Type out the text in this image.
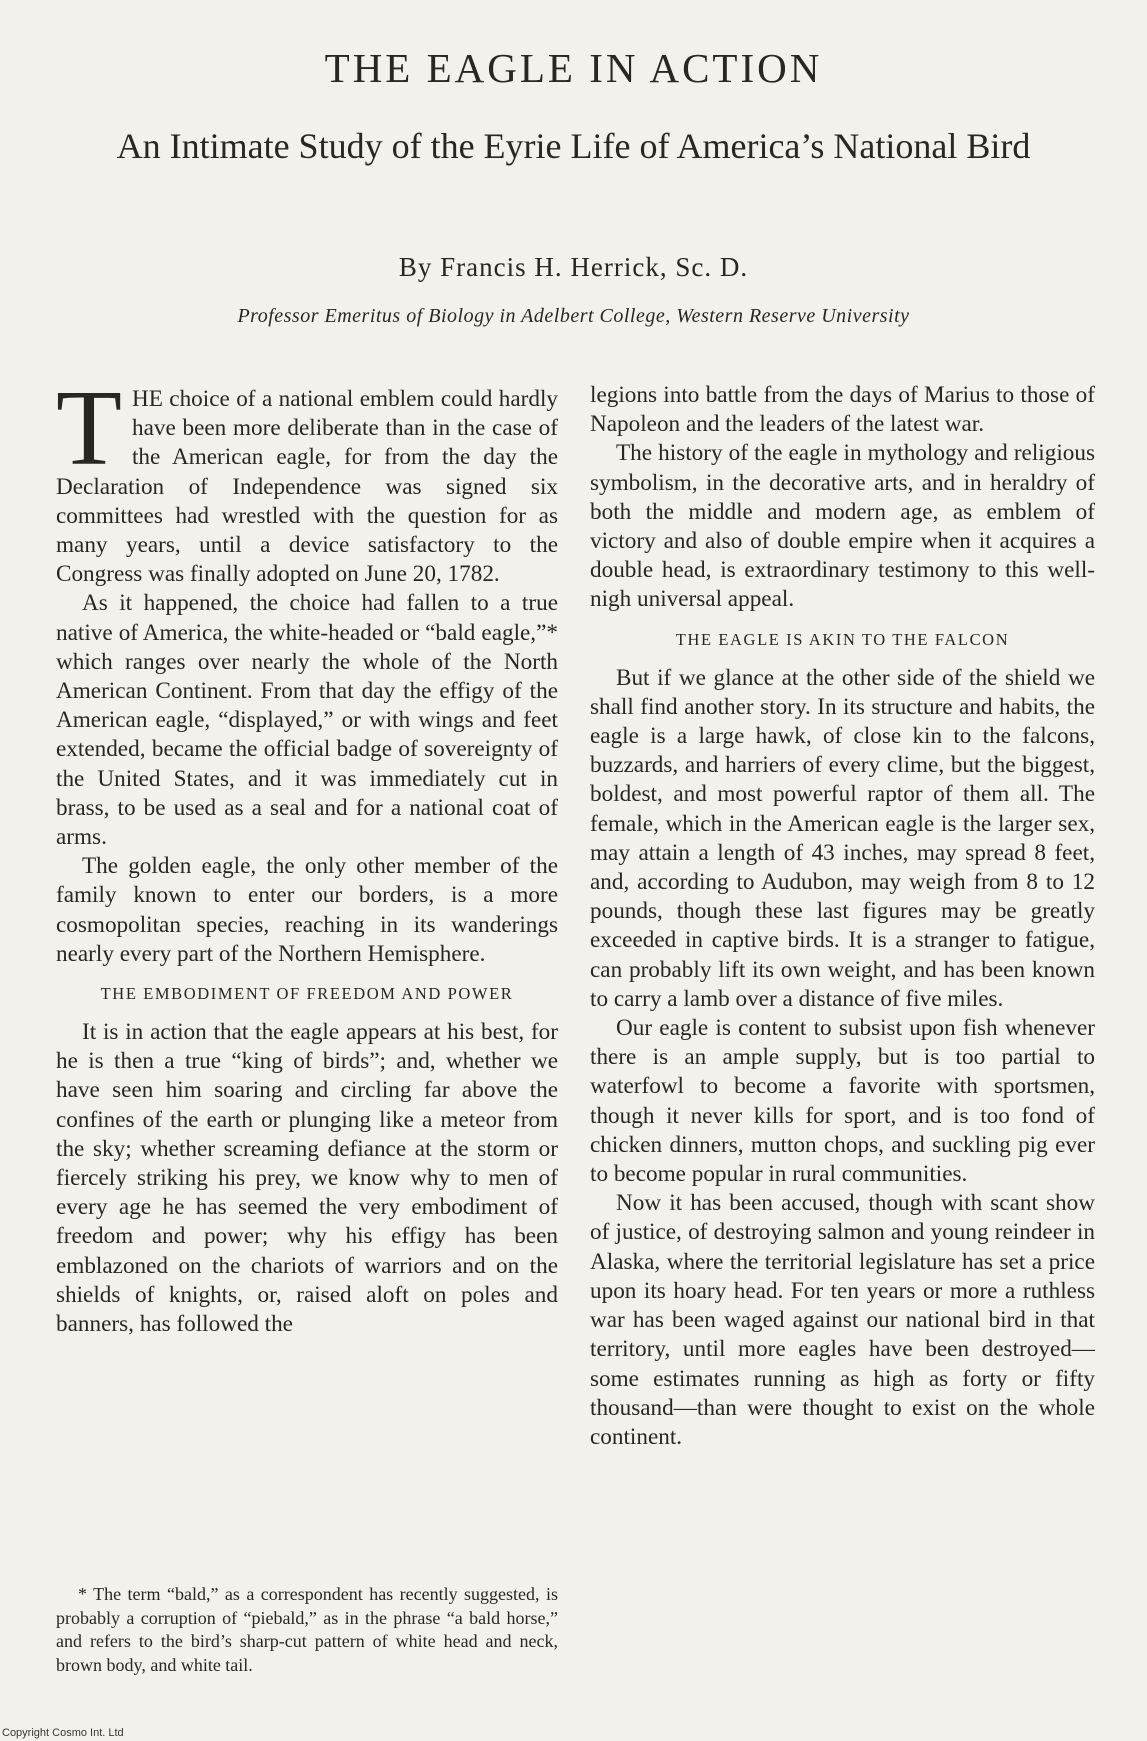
THE EAGLE IN ACTION
An Intimate Study of the Eyrie Life of America’s National Bird
By Francis H. Herrick, Sc. D.
Professor Emeritus of Biology in Adelbert College, Western Reserve University

THE choice of a national emblem could hardly have been more deliberate than in the case of the American eagle, for from the day the Declaration of Independence was signed six committees had wrestled with the question for as many years, until a device satisfactory to the Congress was finally adopted on June 20, 1782.

As it happened, the choice had fallen to a true native of America, the white-headed or “bald eagle,”* which ranges over nearly the whole of the North American Continent. From that day the effigy of the American eagle, “displayed,” or with wings and feet extended, became the official badge of sovereignty of the United States, and it was immediately cut in brass, to be used as a seal and for a national coat of arms.

The golden eagle, the only other member of the family known to enter our borders, is a more cosmopolitan species, reaching in its wanderings nearly every part of the Northern Hemisphere.

THE EMBODIMENT OF FREEDOM AND POWER

It is in action that the eagle appears at his best, for he is then a true “king of birds”; and, whether we have seen him soaring and circling far above the confines of the earth or plunging like a meteor from the sky; whether screaming defiance at the storm or fiercely striking his prey, we know why to men of every age he has seemed the very embodiment of freedom and power; why his effigy has been emblazoned on the chariots of warriors and on the shields of knights, or, raised aloft on poles and banners, has followed the

* The term “bald,” as a correspondent has recently suggested, is probably a corruption of “piebald,” as in the phrase “a bald horse,” and refers to the bird’s sharp-cut pattern of white head and neck, brown body, and white tail.

legions into battle from the days of Marius to those of Napoleon and the leaders of the latest war.

The history of the eagle in mythology and religious symbolism, in the decorative arts, and in heraldry of both the middle and modern age, as emblem of victory and also of double empire when it acquires a double head, is extraordinary testimony to this well-nigh universal appeal.

THE EAGLE IS AKIN TO THE FALCON

But if we glance at the other side of the shield we shall find another story. In its structure and habits, the eagle is a large hawk, of close kin to the falcons, buzzards, and harriers of every clime, but the biggest, boldest, and most powerful raptor of them all. The female, which in the American eagle is the larger sex, may attain a length of 43 inches, may spread 8 feet, and, according to Audubon, may weigh from 8 to 12 pounds, though these last figures may be greatly exceeded in captive birds. It is a stranger to fatigue, can probably lift its own weight, and has been known to carry a lamb over a distance of five miles.

Our eagle is content to subsist upon fish whenever there is an ample supply, but is too partial to waterfowl to become a favorite with sportsmen, though it never kills for sport, and is too fond of chicken dinners, mutton chops, and suckling pig ever to become popular in rural communities.

Now it has been accused, though with scant show of justice, of destroying salmon and young reindeer in Alaska, where the territorial legislature has set a price upon its hoary head. For ten years or more a ruthless war has been waged against our national bird in that territory, until more eagles have been destroyed—some estimates running as high as forty or fifty thousand—than were thought to exist on the whole continent.

Copyright Cosmo Int. Ltd
